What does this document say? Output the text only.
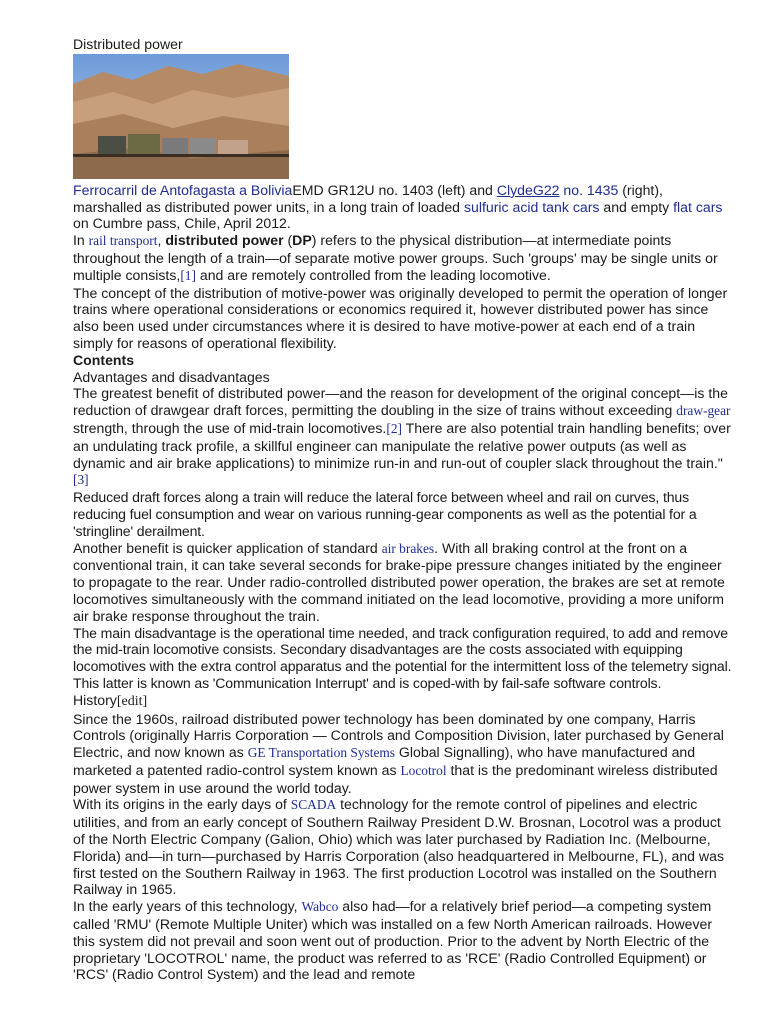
Distributed power
Ferrocarril de Antofagasta a BoliviaEMD GR12U no. 1403 (left) and ClydeG22 no. 1435 (right), marshalled as distributed power units, in a long train of loaded sulfuric acid tank cars and empty flat cars on Cumbre pass, Chile, April 2012.
In rail transport, distributed power (DP) refers to the physical distribution—at intermediate points throughout the length of a train—of separate motive power groups. Such 'groups' may be single units or multiple consists,[1] and are remotely controlled from the leading locomotive.
The concept of the distribution of motive-power was originally developed to permit the operation of longer trains where operational considerations or economics required it, however distributed power has since also been used under circumstances where it is desired to have motive-power at each end of a train simply for reasons of operational flexibility.
Contents
Advantages and disadvantages
The greatest benefit of distributed power—and the reason for development of the original concept—is the reduction of drawgear draft forces, permitting the doubling in the size of trains without exceeding draw-gear strength, through the use of mid-train locomotives.[2] There are also potential train handling benefits; over an undulating track profile, a skillful engineer can manipulate the relative power outputs (as well as dynamic and air brake applications) to minimize run-in and run-out of coupler slack throughout the train."[3]
Reduced draft forces along a train will reduce the lateral force between wheel and rail on curves, thus reducing fuel consumption and wear on various running-gear components as well as the potential for a 'stringline' derailment.
Another benefit is quicker application of standard air brakes. With all braking control at the front on a conventional train, it can take several seconds for brake-pipe pressure changes initiated by the engineer to propagate to the rear. Under radio-controlled distributed power operation, the brakes are set at remote locomotives simultaneously with the command initiated on the lead locomotive, providing a more uniform air brake response throughout the train.
The main disadvantage is the operational time needed, and track configuration required, to add and remove the mid-train locomotive consists. Secondary disadvantages are the costs associated with equipping locomotives with the extra control apparatus and the potential for the intermittent loss of the telemetry signal. This latter is known as 'Communication Interrupt' and is coped-with by fail-safe software controls.
History[edit]
Since the 1960s, railroad distributed power technology has been dominated by one company, Harris Controls (originally Harris Corporation — Controls and Composition Division, later purchased by General Electric, and now known as GE Transportation Systems Global Signalling), who have manufactured and marketed a patented radio-control system known as Locotrol that is the predominant wireless distributed power system in use around the world today.
With its origins in the early days of SCADA technology for the remote control of pipelines and electric utilities, and from an early concept of Southern Railway President D.W. Brosnan, Locotrol was a product of the North Electric Company (Galion, Ohio) which was later purchased by Radiation Inc. (Melbourne, Florida) and—in turn—purchased by Harris Corporation (also headquartered in Melbourne, FL), and was first tested on the Southern Railway in 1963. The first production Locotrol was installed on the Southern Railway in 1965.
In the early years of this technology, Wabco also had—for a relatively brief period—a competing system called 'RMU' (Remote Multiple Uniter) which was installed on a few North American railroads. However this system did not prevail and soon went out of production. Prior to the advent by North Electric of the proprietary 'LOCOTROL' name, the product was referred to as 'RCE' (Radio Controlled Equipment) or 'RCS' (Radio Control System) and the lead and remote
